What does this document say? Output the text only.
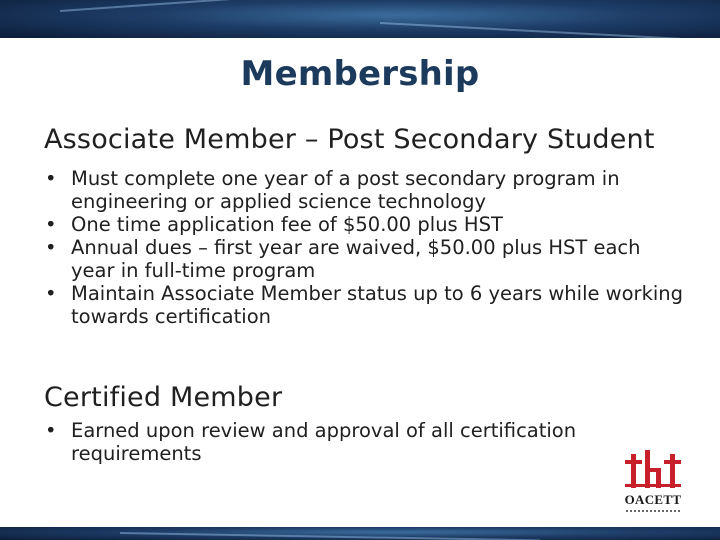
Membership
Associate Member – Post Secondary Student
• Must complete one year of a post secondary program in engineering or applied science technology
• One time application fee of $50.00 plus HST
• Annual dues – first year are waived, $50.00 plus HST each year in full-time program
• Maintain Associate Member status up to 6 years while working towards certification
Certified Member
• Earned upon review and approval of all certification requirements
OACETT
